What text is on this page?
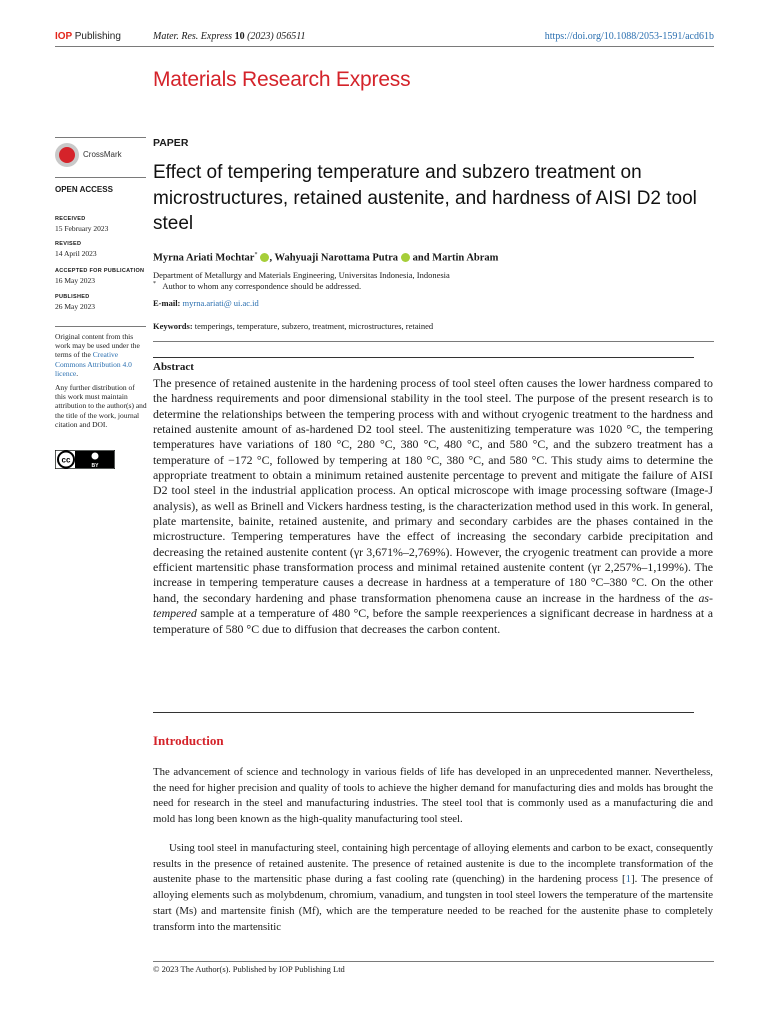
IOP Publishing	Mater. Res. Express 10 (2023) 056511	https://doi.org/10.1088/2053-1591/acd61b
Materials Research Express
CrossMark
OPEN ACCESS
RECEIVED
15 February 2023
REVISED
14 April 2023
ACCEPTED FOR PUBLICATION
16 May 2023
PUBLISHED
26 May 2023
Original content from this work may be used under the terms of the Creative Commons Attribution 4.0 licence.
Any further distribution of this work must maintain attribution to the author(s) and the title of the work, journal citation and DOI.
cc
BY
PAPER
Effect of tempering temperature and subzero treatment on microstructures, retained austenite, and hardness of AISI D2 tool steel
Myrna Ariati Mochtar* , Wahyuaji Narottama Putra and Martin Abram
Department of Metallurgy and Materials Engineering, Universitas Indonesia, Indonesia
* Author to whom any correspondence should be addressed.
E-mail: myrna.ariati@ ui.ac.id
Keywords: temperings, temperature, subzero, treatment, microstructures, retained
Abstract
The presence of retained austenite in the hardening process of tool steel often causes the lower hardness compared to the hardness requirements and poor dimensional stability in the tool steel. The purpose of the present research is to determine the relationships between the tempering process with and without cryogenic treatment to the hardness and retained austenite amount of as-hardened D2 tool steel. The austenitizing temperature was 1020 °C, the tempering temperatures have variations of 180 °C, 280 °C, 380 °C, 480 °C, and 580 °C, and the subzero treatment has a temperature of −172 °C, followed by tempering at 180 °C, 380 °C, and 580 °C. This study aims to determine the appropriate treatment to obtain a minimum retained austenite percentage to prevent and mitigate the failure of AISI D2 tool steel in the industrial application process. An optical microscope with image processing software (Image-J analysis), as well as Brinell and Vickers hardness testing, is the characterization method used in this work. In general, plate martensite, bainite, retained austenite, and primary and secondary carbides are the phases contained in the microstructure. Tempering temperatures have the effect of increasing the secondary carbide precipitation and decreasing the retained austenite content (γr 3,671%–2,769%). However, the cryogenic treatment can provide a more efficient martensitic phase transformation process and minimal retained austenite content (γr 2,257%–1,199%). The increase in tempering temperature causes a decrease in hardness at a temperature of 180 °C–380 °C. On the other hand, the secondary hardening and phase transformation phenomena cause an increase in the hardness of the as-tempered sample at a temperature of 480 °C, before the sample reexperiences a significant decrease in hardness at a temperature of 580 °C due to diffusion that decreases the carbon content.
Introduction
The advancement of science and technology in various fields of life has developed in an unprecedented manner. Nevertheless, the need for higher precision and quality of tools to achieve the higher demand for manufacturing dies and molds has brought the need for research in the steel and manufacturing industries. The steel tool that is commonly used as a manufacturing die and mold has long been known as the high-quality manufacturing tool steel.
Using tool steel in manufacturing steel, containing high percentage of alloying elements and carbon to be exact, consequently results in the presence of retained austenite. The presence of retained austenite is due to the incomplete transformation of the austenite phase to the martensitic phase during a fast cooling rate (quenching) in the hardening process [1]. The presence of alloying elements such as molybdenum, chromium, vanadium, and tungsten in tool steel lowers the temperature of the martensite start (Ms) and martensite finish (Mf), which are the temperature needed to be reached for the austenite phase to completely transform into the martensitic
© 2023 The Author(s). Published by IOP Publishing Ltd
